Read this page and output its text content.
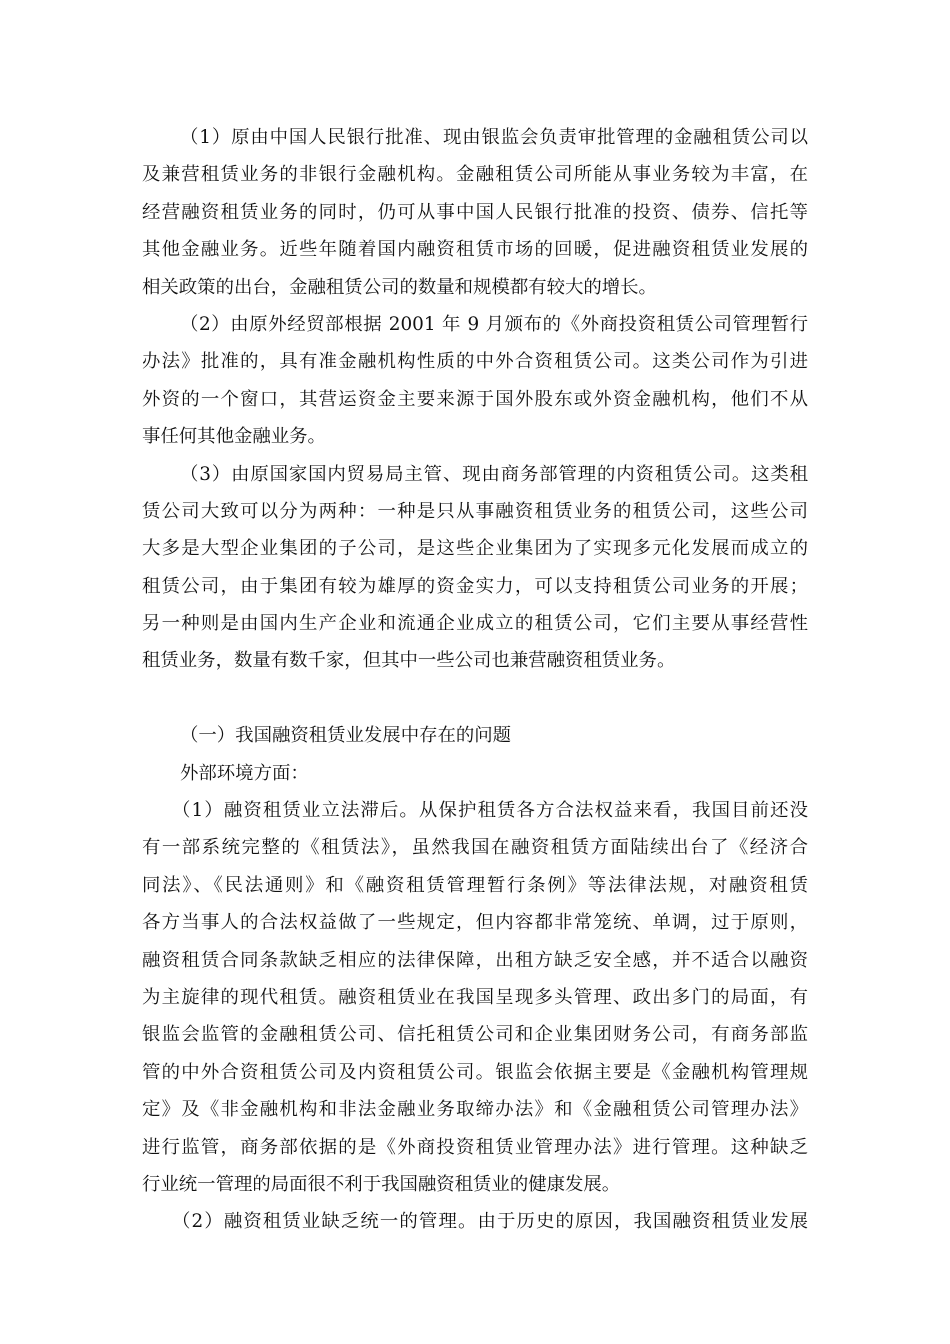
（1）原由中国人民银行批准、现由银监会负责审批管理的金融租赁公司以
及兼营租赁业务的非银行金融机构。金融租赁公司所能从事业务较为丰富，在
经营融资租赁业务的同时，仍可从事中国人民银行批准的投资、债券、信托等
其他金融业务。近些年随着国内融资租赁市场的回暖，促进融资租赁业发展的
相关政策的出台，金融租赁公司的数量和规模都有较大的增长。
（2）由原外经贸部根据 2001 年 9 月颁布的《外商投资租赁公司管理暂行
办法》批准的，具有准金融机构性质的中外合资租赁公司。这类公司作为引进
外资的一个窗口，其营运资金主要来源于国外股东或外资金融机构，他们不从
事任何其他金融业务。
（3）由原国家国内贸易局主管、现由商务部管理的内资租赁公司。这类租
赁公司大致可以分为两种：一种是只从事融资租赁业务的租赁公司，这些公司
大多是大型企业集团的子公司，是这些企业集团为了实现多元化发展而成立的
租赁公司，由于集团有较为雄厚的资金实力，可以支持租赁公司业务的开展；
另一种则是由国内生产企业和流通企业成立的租赁公司，它们主要从事经营性
租赁业务，数量有数千家，但其中一些公司也兼营融资租赁业务。
（一）我国融资租赁业发展中存在的问题
外部环境方面：
（1）融资租赁业立法滞后。从保护租赁各方合法权益来看，我国目前还没
有一部系统完整的《租赁法》，虽然我国在融资租赁方面陆续出台了《经济合
同法》、《民法通则》和《融资租赁管理暂行条例》等法律法规，对融资租赁
各方当事人的合法权益做了一些规定，但内容都非常笼统、单调，过于原则，
融资租赁合同条款缺乏相应的法律保障，出租方缺乏安全感，并不适合以融资
为主旋律的现代租赁。融资租赁业在我国呈现多头管理、政出多门的局面，有
银监会监管的金融租赁公司、信托租赁公司和企业集团财务公司，有商务部监
管的中外合资租赁公司及内资租赁公司。银监会依据主要是《金融机构管理规
定》及《非金融机构和非法金融业务取缔办法》和《金融租赁公司管理办法》
进行监管，商务部依据的是《外商投资租赁业管理办法》进行管理。这种缺乏
行业统一管理的局面很不利于我国融资租赁业的健康发展。
（2）融资租赁业缺乏统一的管理。由于历史的原因，我国融资租赁业发展
